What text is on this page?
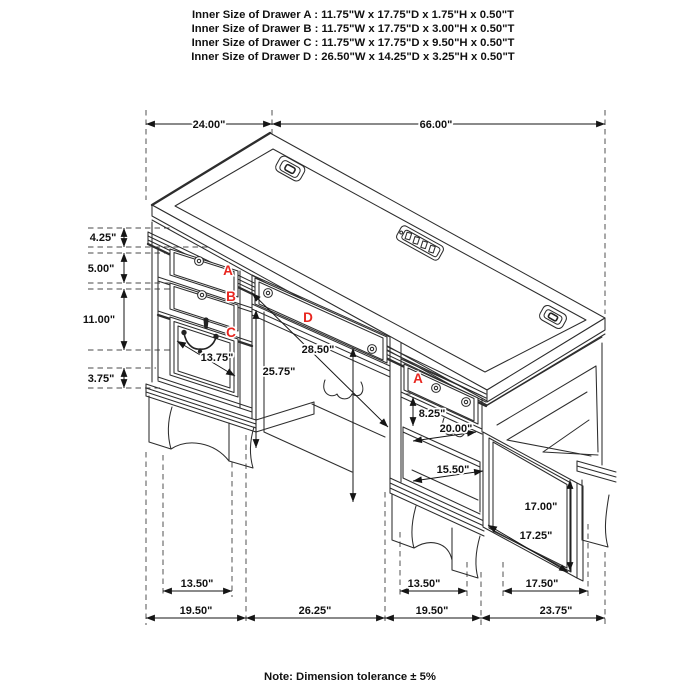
Inner Size of Drawer A : 11.75"W x 17.75"D x 1.75"H x 0.50"T
Inner Size of Drawer B : 11.75"W x 17.75"D x 3.00"H x 0.50"T
Inner Size of Drawer C : 11.75"W x 17.75"D x 9.50"H x 0.50"T
Inner Size of Drawer D : 26.50"W x 14.25"D x 3.25"H x 0.50"T
24.00"	66.00"
4.25"
5.00"
11.00"
3.75"
13.75"
28.50"
25.75"
8.25"
20.00"
15.50"
17.00"
17.25"
13.50"	13.50"	17.50"
19.50"	26.25"	19.50"	23.75"
A
B
C
D
A
Note: Dimension tolerance ± 5%
